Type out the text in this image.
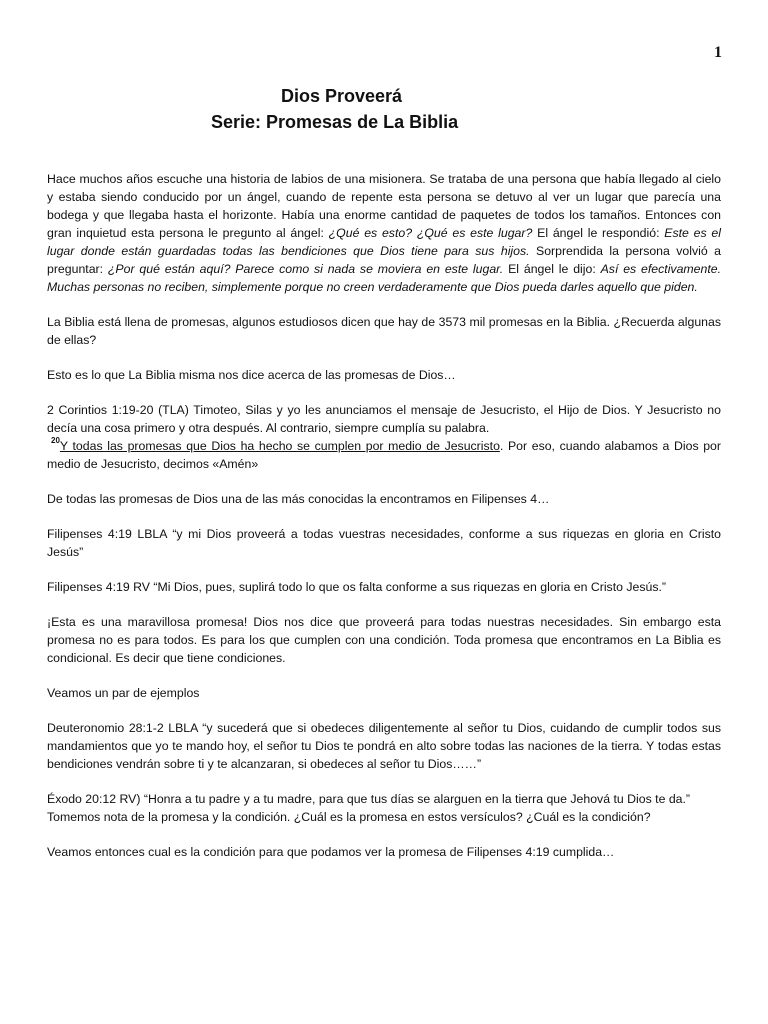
1
Dios Proveerá
Serie: Promesas de La Biblia

Hace muchos años escuche una historia de labios de una misionera. Se trataba de una persona que había llegado al cielo y estaba siendo conducido por un ángel, cuando de repente esta persona se detuvo al ver un lugar que parecía una bodega y que llegaba hasta el horizonte. Había una enorme cantidad de paquetes de todos los tamaños. Entonces con gran inquietud esta persona le pregunto al ángel: ¿Qué es esto? ¿Qué es este lugar? El ángel le respondió: Este es el lugar donde están guardadas todas las bendiciones que Dios tiene para sus hijos. Sorprendida la persona volvió a preguntar: ¿Por qué están aquí? Parece como si nada se moviera en este lugar. El ángel le dijo: Así es efectivamente. Muchas personas no reciben, simplemente porque no creen verdaderamente que Dios pueda darles aquello que piden.

La Biblia está llena de promesas, algunos estudiosos dicen que hay de 3573 mil promesas en la Biblia. ¿Recuerda algunas de ellas?

Esto es lo que La Biblia misma nos dice acerca de las promesas de Dios…

2 Corintios 1:19-20 (TLA) Timoteo, Silas y yo les anunciamos el mensaje de Jesucristo, el Hijo de Dios. Y Jesucristo no decía una cosa primero y otra después. Al contrario, siempre cumplía su palabra.
$^{20}$Y todas las promesas que Dios ha hecho se cumplen por medio de Jesucristo. Por eso, cuando alabamos a Dios por medio de Jesucristo, decimos «Amén»

De todas las promesas de Dios una de las más conocidas la encontramos en Filipenses 4…

Filipenses 4:19 LBLA “y mi Dios proveerá a todas vuestras necesidades, conforme a sus riquezas en gloria en Cristo Jesús”

Filipenses 4:19 RV “Mi Dios, pues, suplirá todo lo que os falta conforme a sus riquezas en gloria en Cristo Jesús.”

¡Esta es una maravillosa promesa! Dios nos dice que proveerá para todas nuestras necesidades. Sin embargo esta promesa no es para todos. Es para los que cumplen con una condición. Toda promesa que encontramos en La Biblia es condicional. Es decir que tiene condiciones.

Veamos un par de ejemplos

Deuteronomio 28:1-2 LBLA “y sucederá que si obedeces diligentemente al señor tu Dios, cuidando de cumplir todos sus mandamientos que yo te mando hoy, el señor tu Dios te pondrá en alto sobre todas las naciones de la tierra. Y todas estas bendiciones vendrán sobre ti y te alcanzaran, si obedeces al señor tu Dios……”

Éxodo 20:12 RV) “Honra a tu padre y a tu madre, para que tus días se alarguen en la tierra que Jehová tu Dios te da.”

Tomemos nota de la promesa y la condición. ¿Cuál es la promesa en estos versículos? ¿Cuál es la condición?

Veamos entonces cual es la condición para que podamos ver la promesa de Filipenses 4:19 cumplida…
